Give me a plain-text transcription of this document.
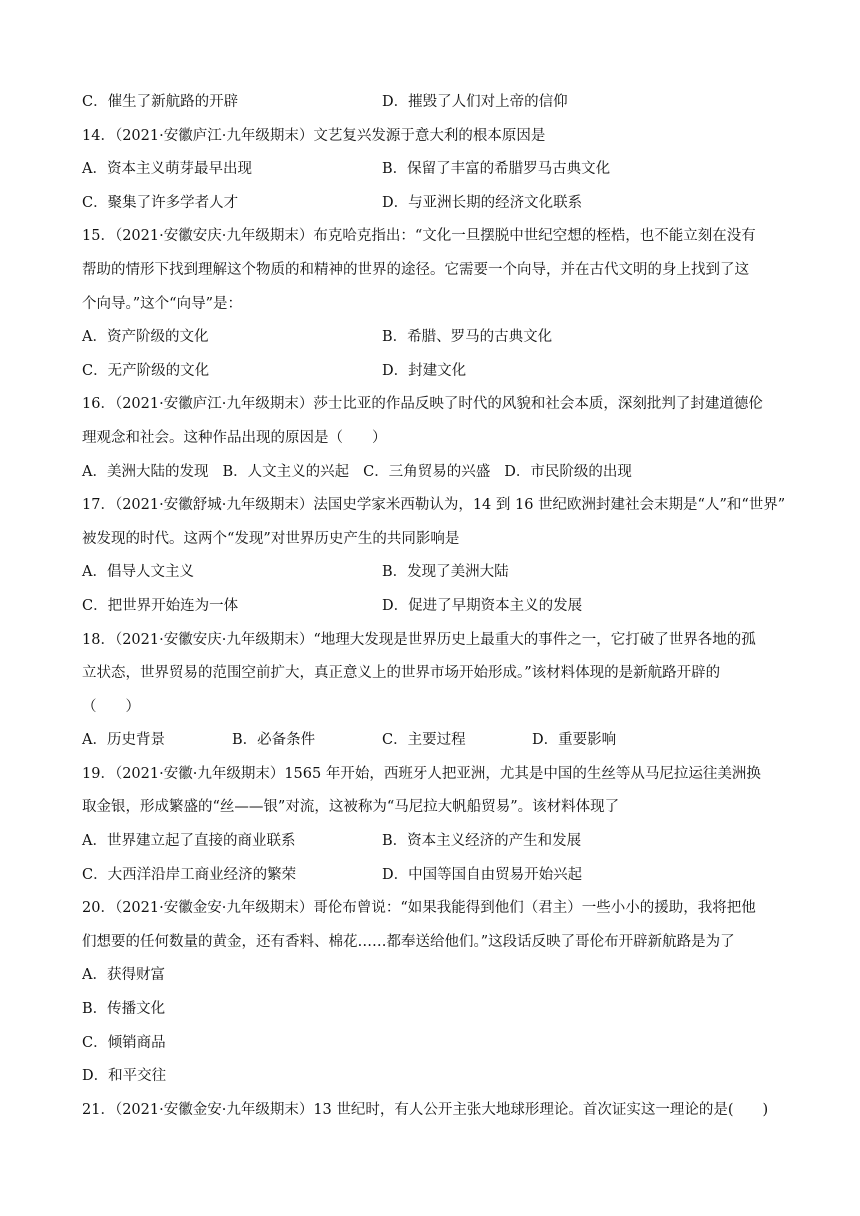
C．催生了新航路的开辟	D．摧毁了人们对上帝的信仰
14．（2021·安徽庐江·九年级期末）文艺复兴发源于意大利的根本原因是
A．资本主义萌芽最早出现	B．保留了丰富的希腊罗马古典文化
C．聚集了许多学者人才	D．与亚洲长期的经济文化联系
15．（2021·安徽安庆·九年级期末）布克哈克指出：“文化一旦摆脱中世纪空想的桎梏，也不能立刻在没有
帮助的情形下找到理解这个物质的和精神的世界的途径。它需要一个向导，并在古代文明的身上找到了这
个向导。”这个“向导”是：
A．资产阶级的文化	B．希腊、罗马的古典文化
C．无产阶级的文化	D．封建文化
16．（2021·安徽庐江·九年级期末）莎士比亚的作品反映了时代的风貌和社会本质，深刻批判了封建道德伦
理观念和社会。这种作品出现的原因是（　　）
A．美洲大陆的发现 B．人文主义的兴起 C．三角贸易的兴盛 D．市民阶级的出现
17．（2021·安徽舒城·九年级期末）法国史学家米西勒认为，14 到 16 世纪欧洲封建社会末期是“人”和“世界”
被发现的时代。这两个“发现”对世界历史产生的共同影响是
A．倡导人文主义	B．发现了美洲大陆
C．把世界开始连为一体	D．促进了早期资本主义的发展
18．（2021·安徽安庆·九年级期末）“地理大发现是世界历史上最重大的事件之一，它打破了世界各地的孤
立状态，世界贸易的范围空前扩大，真正意义上的世界市场开始形成。”该材料体现的是新航路开辟的
（　　）
A．历史背景	B．必备条件	C．主要过程	D．重要影响
19．（2021·安徽·九年级期末）1565 年开始，西班牙人把亚洲，尤其是中国的生丝等从马尼拉运往美洲换
取金银，形成繁盛的“丝——银”对流，这被称为“马尼拉大帆船贸易”。该材料体现了
A．世界建立起了直接的商业联系	B．资本主义经济的产生和发展
C．大西洋沿岸工商业经济的繁荣	D．中国等国自由贸易开始兴起
20．（2021·安徽金安·九年级期末）哥伦布曾说：“如果我能得到他们（君主）一些小小的援助，我将把他
们想要的任何数量的黄金，还有香料、棉花……都奉送给他们。”这段话反映了哥伦布开辟新航路是为了
A．获得财富
B．传播文化
C．倾销商品
D．和平交往
21．（2021·安徽金安·九年级期末）13 世纪时，有人公开主张大地球形理论。首次证实这一理论的是(　　)
